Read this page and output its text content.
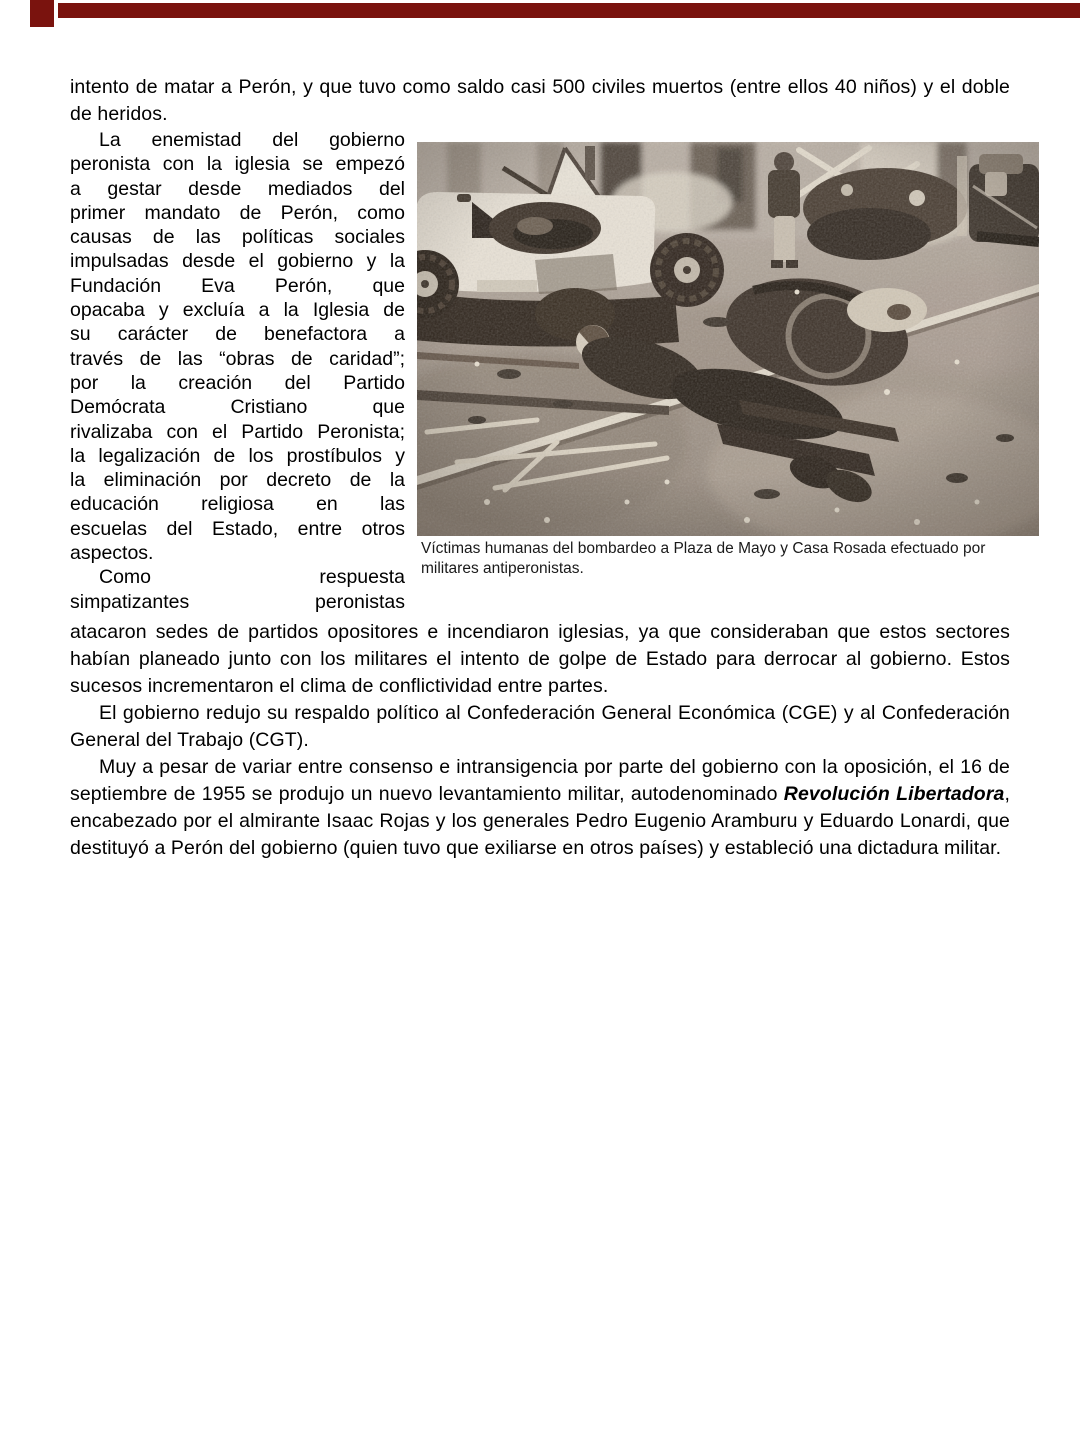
intento de matar a Perón, y que tuvo como saldo casi 500 civiles muertos (entre ellos 40 niños) y el doble de heridos.

La enemistad del gobierno
peronista con la iglesia se empezó
a gestar desde mediados del
primer mandato de Perón, como
causas de las políticas sociales
impulsadas desde el gobierno y la
Fundación Eva Perón, que
opacaba y excluía a la Iglesia de
su carácter de benefactora a
través de las “obras de caridad”;
por la creación del Partido
Demócrata Cristiano que
rivalizaba con el Partido Peronista;
la legalización de los prostíbulos y
la eliminación por decreto de la
educación religiosa en las
escuelas del Estado, entre otros
aspectos.
Como respuesta
simpatizantes peronistas

Víctimas humanas del bombardeo a Plaza de Mayo y Casa Rosada efectuado por militares antiperonistas.

atacaron sedes de partidos opositores e incendiaron iglesias, ya que consideraban que estos sectores habían planeado junto con los militares el intento de golpe de Estado para derrocar al gobierno. Estos sucesos incrementaron el clima de conflictividad entre partes.

El gobierno redujo su respaldo político al Confederación General Económica (CGE) y al Confederación General del Trabajo (CGT).

Muy a pesar de variar entre consenso e intransigencia por parte del gobierno con la oposición, el 16 de septiembre de 1955 se produjo un nuevo levantamiento militar, autodenominado Revolución Libertadora, encabezado por el almirante Isaac Rojas y los generales Pedro Eugenio Aramburu y Eduardo Lonardi, que destituyó a Perón del gobierno (quien tuvo que exiliarse en otros países) y estableció una dictadura militar.
